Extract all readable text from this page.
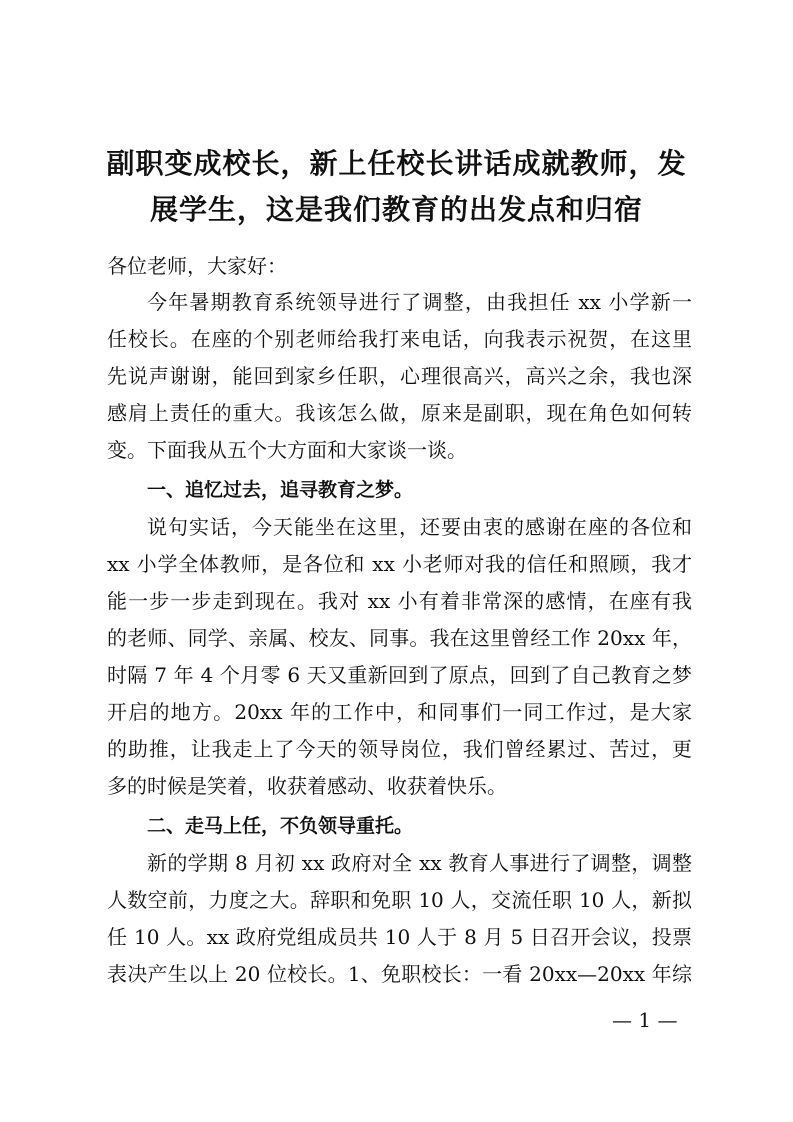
副职变成校长，新上任校长讲话成就教师，发
展学生，这是我们教育的出发点和归宿
各位老师，大家好：
今年暑期教育系统领导进行了调整，由我担任 xx 小学新一
任校长。在座的个别老师给我打来电话，向我表示祝贺，在这里
先说声谢谢，能回到家乡任职，心理很高兴，高兴之余，我也深
感肩上责任的重大。我该怎么做，原来是副职，现在角色如何转
变。下面我从五个大方面和大家谈一谈。
一、追忆过去，追寻教育之梦。
说句实话，今天能坐在这里，还要由衷的感谢在座的各位和
xx 小学全体教师，是各位和 xx 小老师对我的信任和照顾，我才
能一步一步走到现在。我对 xx 小有着非常深的感情，在座有我
的老师、同学、亲属、校友、同事。我在这里曾经工作 20xx 年，
时隔 7 年 4 个月零 6 天又重新回到了原点，回到了自己教育之梦
开启的地方。20xx 年的工作中，和同事们一同工作过，是大家
的助推，让我走上了今天的领导岗位，我们曾经累过、苦过，更
多的时候是笑着，收获着感动、收获着快乐。
二、走马上任，不负领导重托。
新的学期 8 月初 xx 政府对全 xx 教育人事进行了调整，调整
人数空前，力度之大。辞职和免职 10 人，交流任职 10 人，新拟
任 10 人。xx 政府党组成员共 10 人于 8 月 5 日召开会议，投票
表决产生以上 20 位校长。1、免职校长：一看 20xx—20xx 年综
— 1 —
